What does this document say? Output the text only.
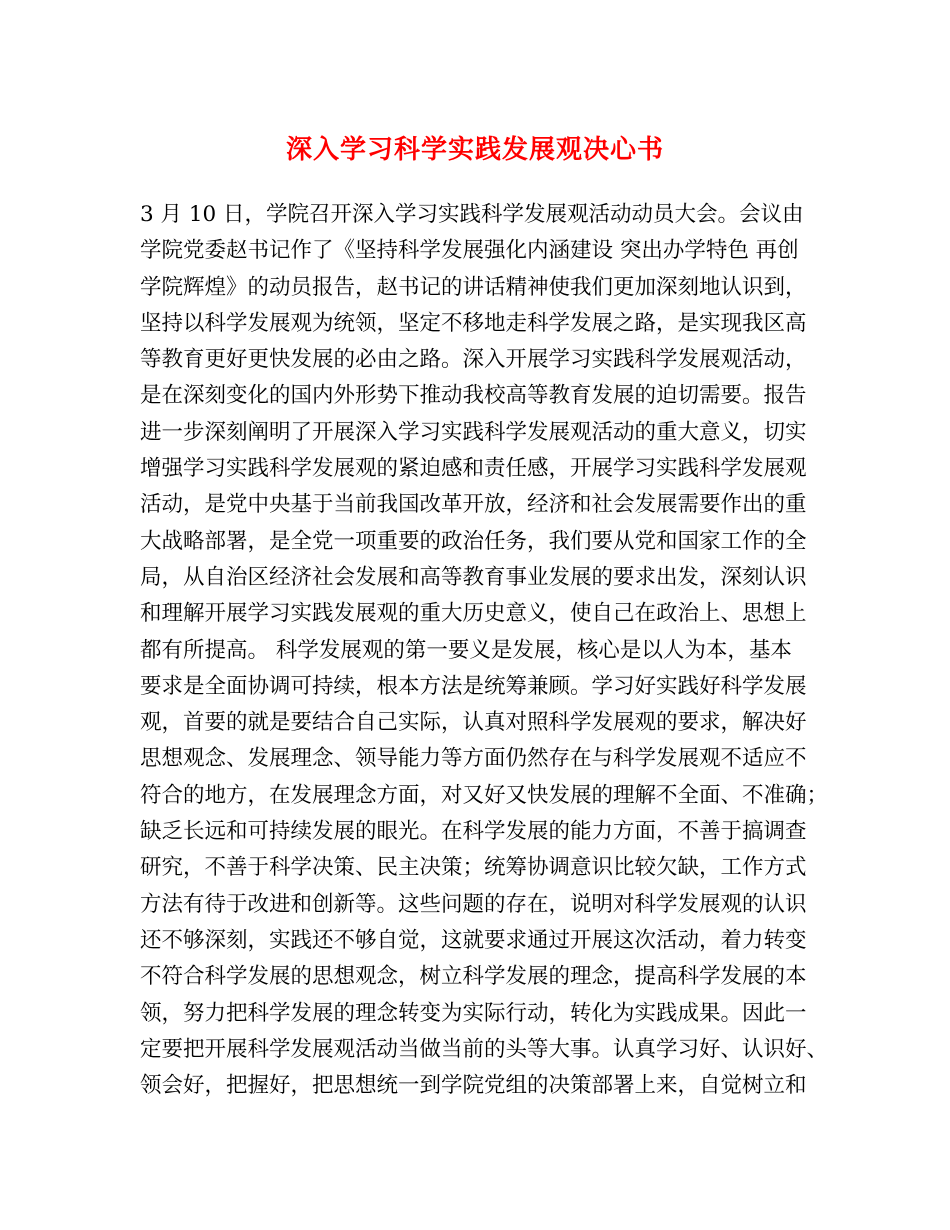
深入学习科学实践发展观决心书
3 月 10 日，学院召开深入学习实践科学发展观活动动员大会。会议由
学院党委赵书记作了《坚持科学发展强化内涵建设 突出办学特色 再创
学院辉煌》的动员报告，赵书记的讲话精神使我们更加深刻地认识到，
坚持以科学发展观为统领，坚定不移地走科学发展之路，是实现我区高
等教育更好更快发展的必由之路。深入开展学习实践科学发展观活动，
是在深刻变化的国内外形势下推动我校高等教育发展的迫切需要。报告
进一步深刻阐明了开展深入学习实践科学发展观活动的重大意义，切实
增强学习实践科学发展观的紧迫感和责任感，开展学习实践科学发展观
活动，是党中央基于当前我国改革开放，经济和社会发展需要作出的重
大战略部署，是全党一项重要的政治任务，我们要从党和国家工作的全
局，从自治区经济社会发展和高等教育事业发展的要求出发，深刻认识
和理解开展学习实践发展观的重大历史意义，使自己在政治上、思想上
都有所提高。 科学发展观的第一要义是发展，核心是以人为本，基本
要求是全面协调可持续，根本方法是统筹兼顾。学习好实践好科学发展
观，首要的就是要结合自己实际，认真对照科学发展观的要求，解决好
思想观念、发展理念、领导能力等方面仍然存在与科学发展观不适应不
符合的地方，在发展理念方面，对又好又快发展的理解不全面、不准确；
缺乏长远和可持续发展的眼光。在科学发展的能力方面，不善于搞调查
研究，不善于科学决策、民主决策；统筹协调意识比较欠缺，工作方式
方法有待于改进和创新等。这些问题的存在，说明对科学发展观的认识
还不够深刻，实践还不够自觉，这就要求通过开展这次活动，着力转变
不符合科学发展的思想观念，树立科学发展的理念，提高科学发展的本
领，努力把科学发展的理念转变为实际行动，转化为实践成果。因此一
定要把开展科学发展观活动当做当前的头等大事。认真学习好、认识好、
领会好，把握好，把思想统一到学院党组的决策部署上来，自觉树立和
